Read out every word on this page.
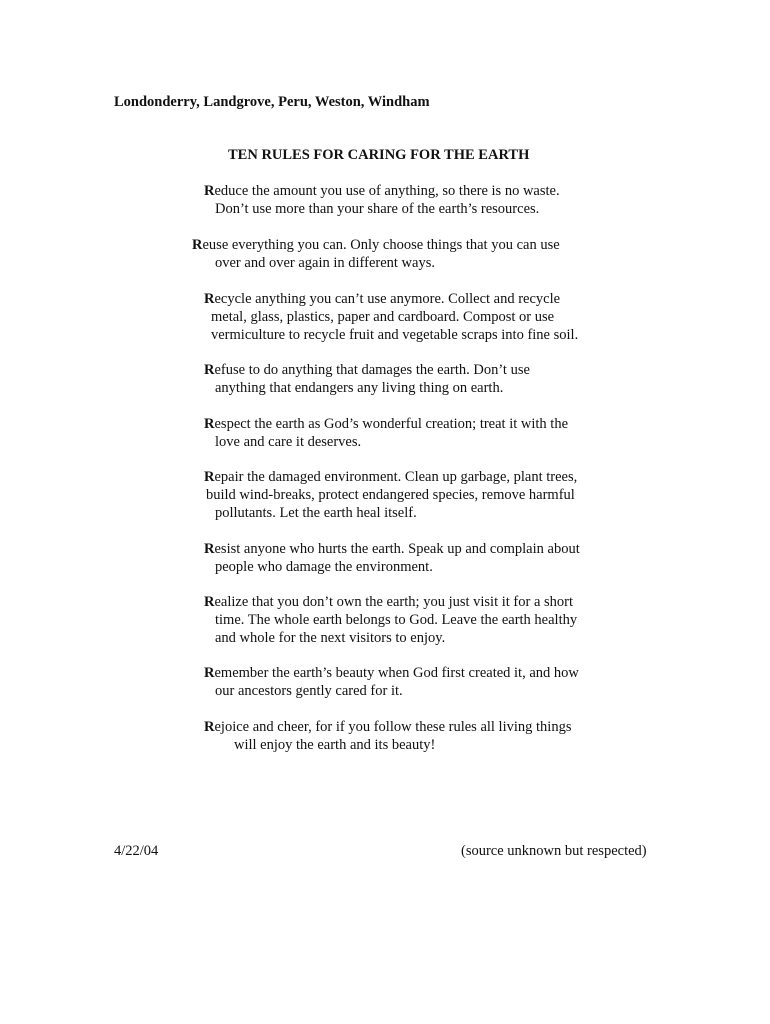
Londonderry, Landgrove, Peru, Weston, Windham
TEN RULES FOR CARING FOR THE EARTH
Reduce the amount you use of anything, so there is no waste.
Don’t use more than your share of the earth’s resources.
Reuse everything you can. Only choose things that you can use
over and over again in different ways.
Recycle anything you can’t use anymore. Collect and recycle
metal, glass, plastics, paper and cardboard. Compost or use
vermiculture to recycle fruit and vegetable scraps into fine soil.
Refuse to do anything that damages the earth. Don’t use
anything that endangers any living thing on earth.
Respect the earth as God’s wonderful creation; treat it with the
love and care it deserves.
Repair the damaged environment. Clean up garbage, plant trees,
build wind-breaks, protect endangered species, remove harmful
pollutants. Let the earth heal itself.
Resist anyone who hurts the earth. Speak up and complain about
people who damage the environment.
Realize that you don’t own the earth; you just visit it for a short
time. The whole earth belongs to God. Leave the earth healthy
and whole for the next visitors to enjoy.
Remember the earth’s beauty when God first created it, and how
our ancestors gently cared for it.
Rejoice and cheer, for if you follow these rules all living things
will enjoy the earth and its beauty!
4/22/04	(source unknown but respected)
